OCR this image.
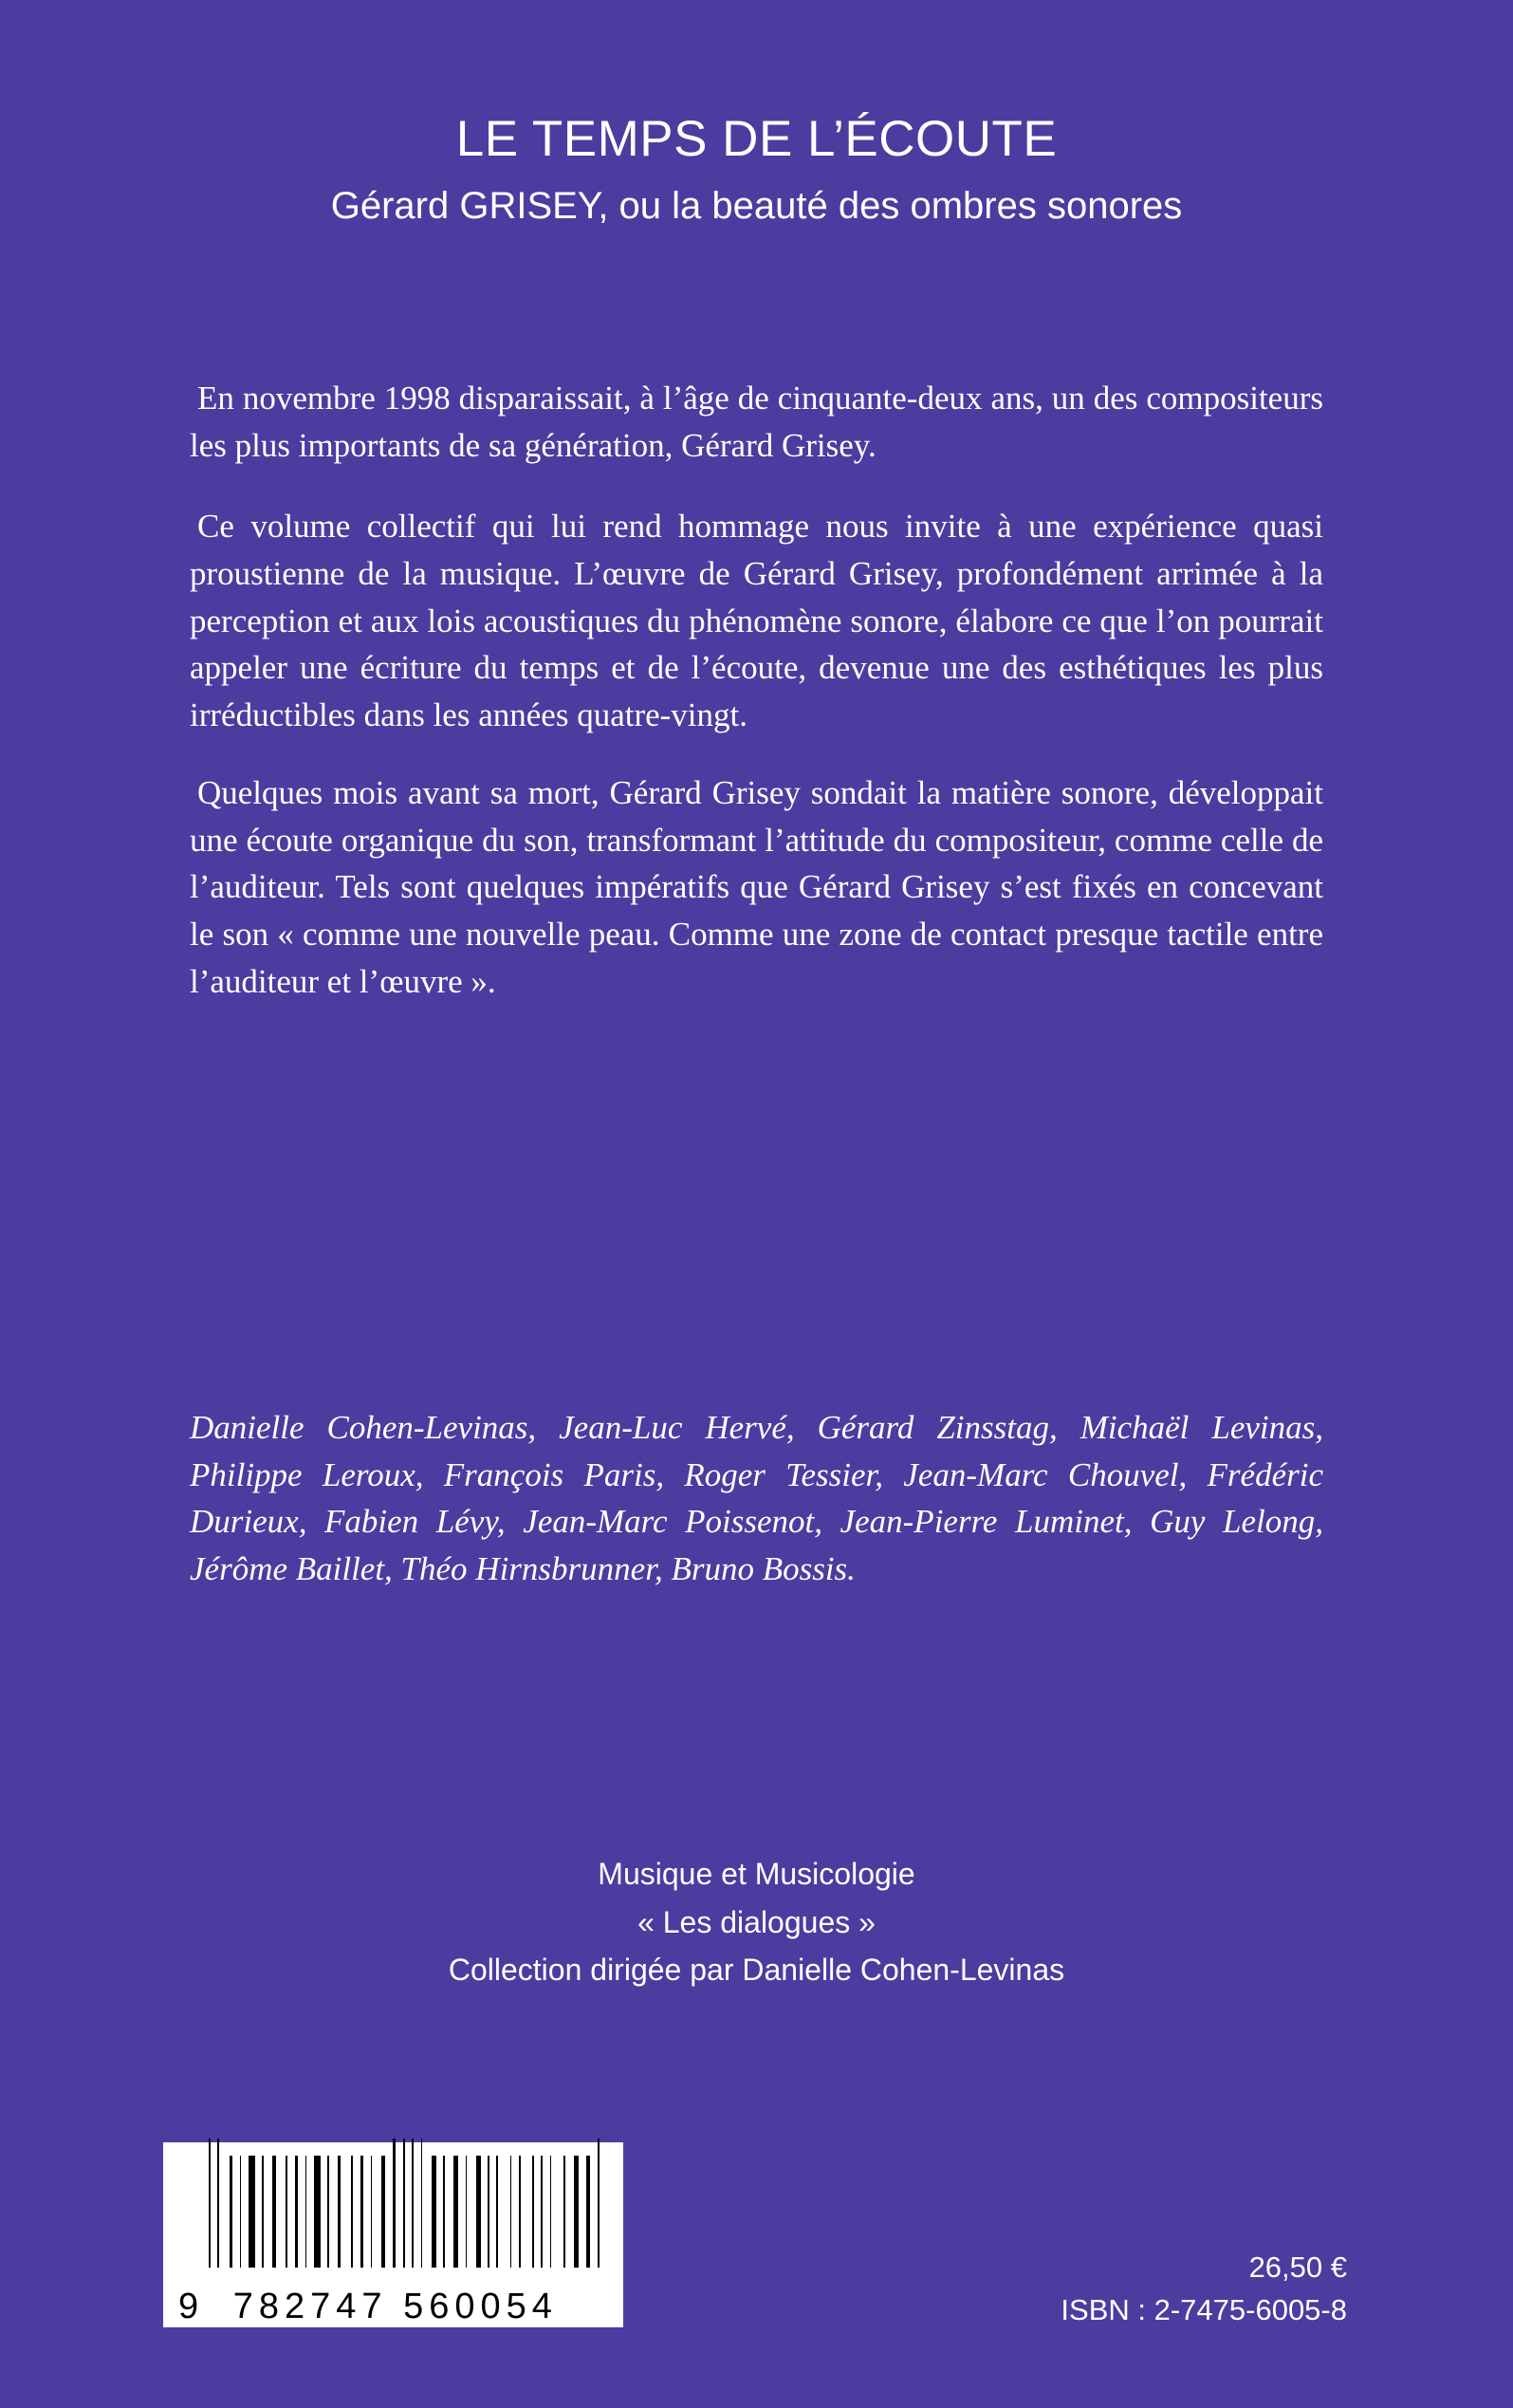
LE TEMPS DE L’ÉCOUTE
Gérard GRISEY, ou la beauté des ombres sonores

En novembre 1998 disparaissait, à l’âge de cinquante-deux ans, un des compositeurs les plus importants de sa génération, Gérard Grisey.

Ce volume collectif qui lui rend hommage nous invite à une expérience quasi proustienne de la musique. L’œuvre de Gérard Grisey, profondément arrimée à la perception et aux lois acoustiques du phénomène sonore, élabore ce que l’on pourrait appeler une écriture du temps et de l’écoute, devenue une des esthétiques les plus irréductibles dans les années quatre-vingt.

Quelques mois avant sa mort, Gérard Grisey sondait la matière sonore, développait une écoute organique du son, transformant l’attitude du compositeur, comme celle de l’auditeur. Tels sont quelques impératifs que Gérard Grisey s’est fixés en concevant le son « comme une nouvelle peau. Comme une zone de contact presque tactile entre l’auditeur et l’œuvre ».

Danielle Cohen-Levinas, Jean-Luc Hervé, Gérard Zinsstag, Michaël Levinas, Philippe Leroux, François Paris, Roger Tessier, Jean-Marc Chouvel, Frédéric Durieux, Fabien Lévy, Jean-Marc Poissenot, Jean-Pierre Luminet, Guy Lelong, Jérôme Baillet, Théo Hirnsbrunner, Bruno Bossis.
Musique et Musicologie
« Les dialogues »
Collection dirigée par Danielle Cohen-Levinas
9 782747 560054
26,50 €
ISBN : 2-7475-6005-8
